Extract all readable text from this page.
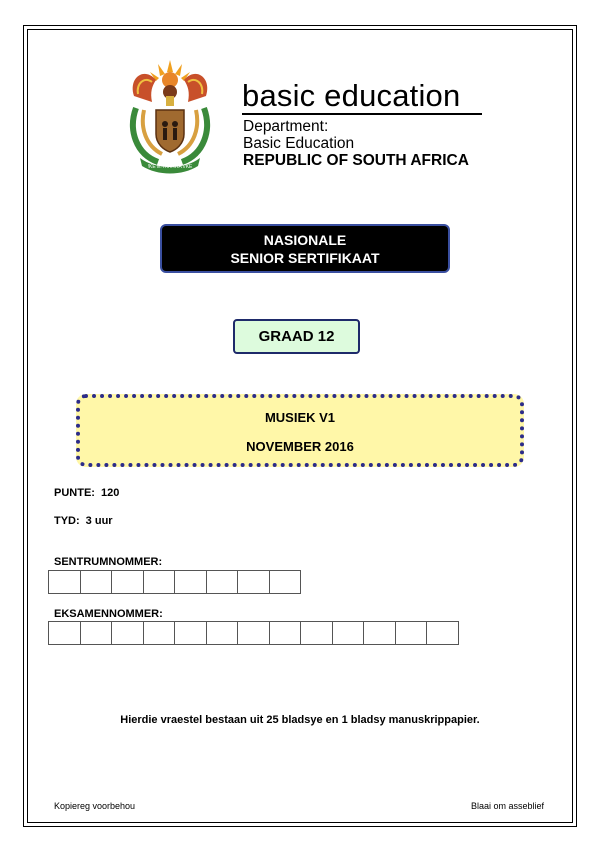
!KE E: /XARRA //KE
basic education
Department:
Basic Education
REPUBLIC OF SOUTH AFRICA
NASIONALE
SENIOR SERTIFIKAAT
GRAAD 12
MUSIEK V1
NOVEMBER 2016
PUNTE: 120
TYD: 3 uur
SENTRUMNOMMER:
EKSAMENNOMMER:
Hierdie vraestel bestaan uit 25 bladsye en 1 bladsy manuskrippapier.
Kopiereg voorbehou	Blaai om asseblief
